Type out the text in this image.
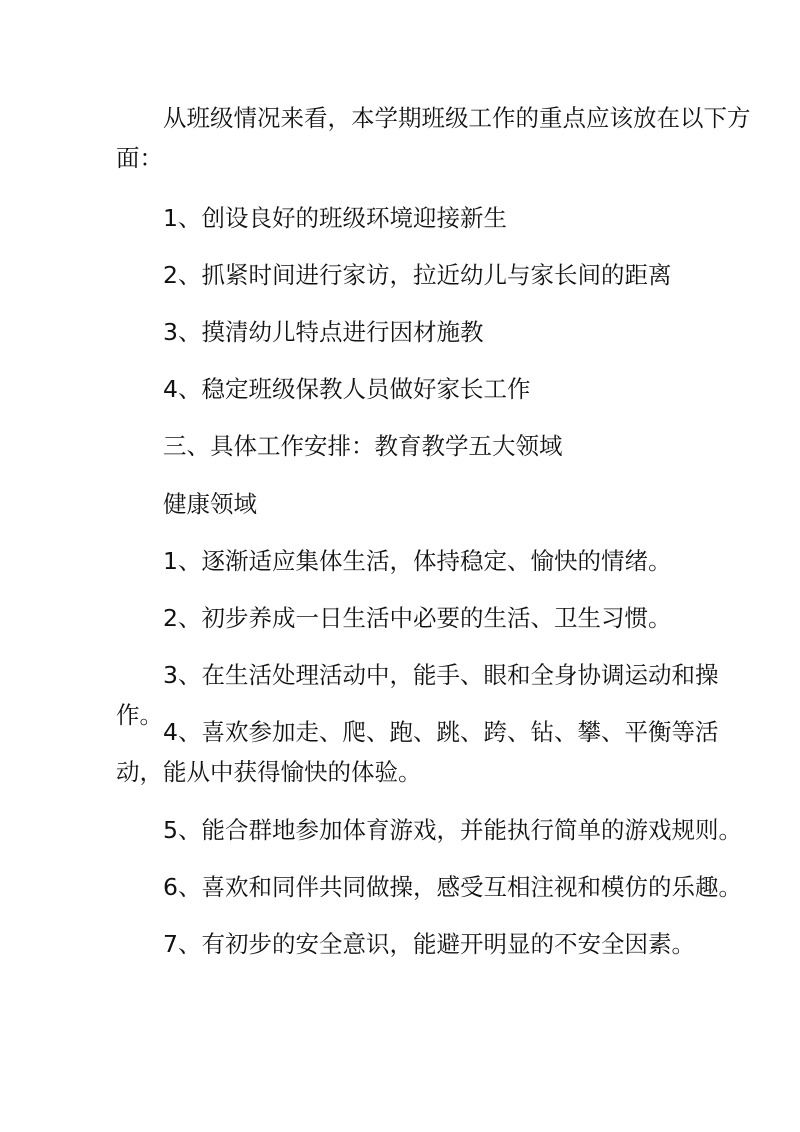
从班级情况来看，本学期班级工作的重点应该放在以下方面：

1、创设良好的班级环境迎接新生

2、抓紧时间进行家访，拉近幼儿与家长间的距离

3、摸清幼儿特点进行因材施教

4、稳定班级保教人员做好家长工作

三、具体工作安排：教育教学五大领域

健康领域

1、逐渐适应集体生活，体持稳定、愉快的情绪。

2、初步养成一日生活中必要的生活、卫生习惯。

3、在生活处理活动中，能手、眼和全身协调运动和操作。

4、喜欢参加走、爬、跑、跳、跨、钻、攀、平衡等活动，能从中获得愉快的体验。

5、能合群地参加体育游戏，并能执行简单的游戏规则。

6、喜欢和同伴共同做操，感受互相注视和模仿的乐趣。

7、有初步的安全意识，能避开明显的不安全因素。
